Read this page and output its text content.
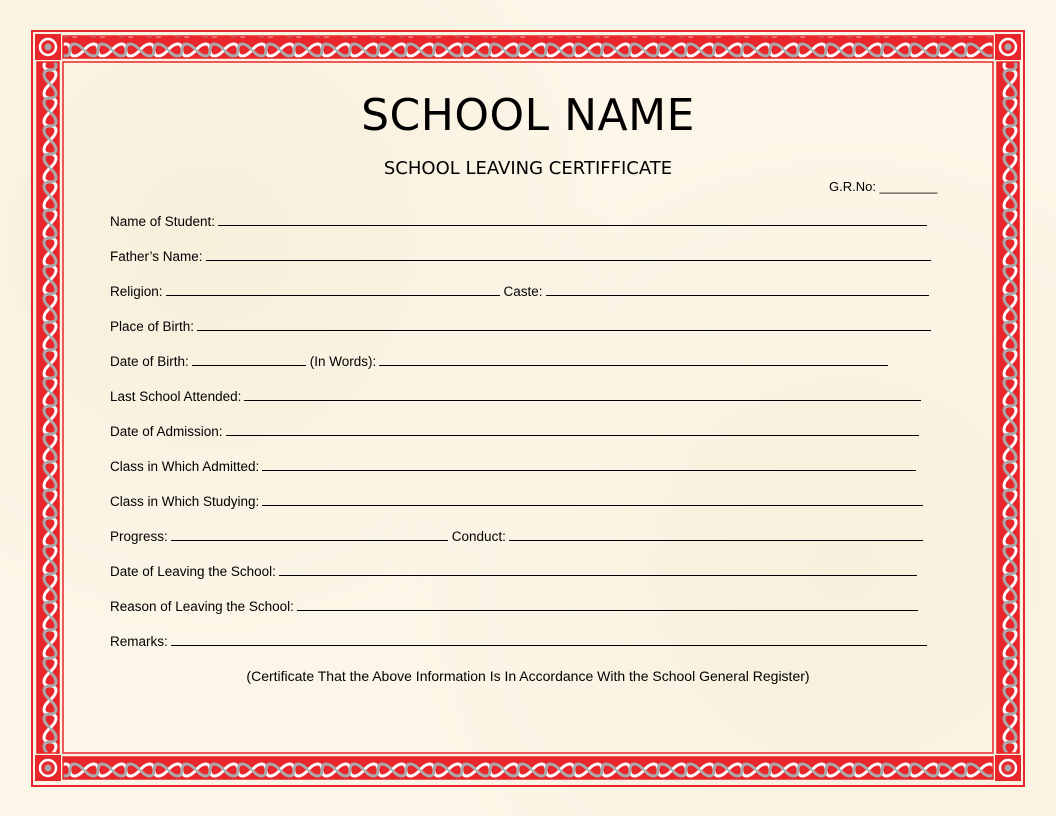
SCHOOL NAME
SCHOOL LEAVING CERTIFFICATE
G.R.No: ________
Name of Student:
Father’s Name:
Religion:	Caste:
Place of Birth:
Date of Birth:	(In Words):
Last School Attended:
Date of Admission:
Class in Which Admitted:
Class in Which Studying:
Progress:	Conduct:
Date of Leaving the School:
Reason of Leaving the School:
Remarks:
(Certificate That the Above Information Is In Accordance With the School General Register)
